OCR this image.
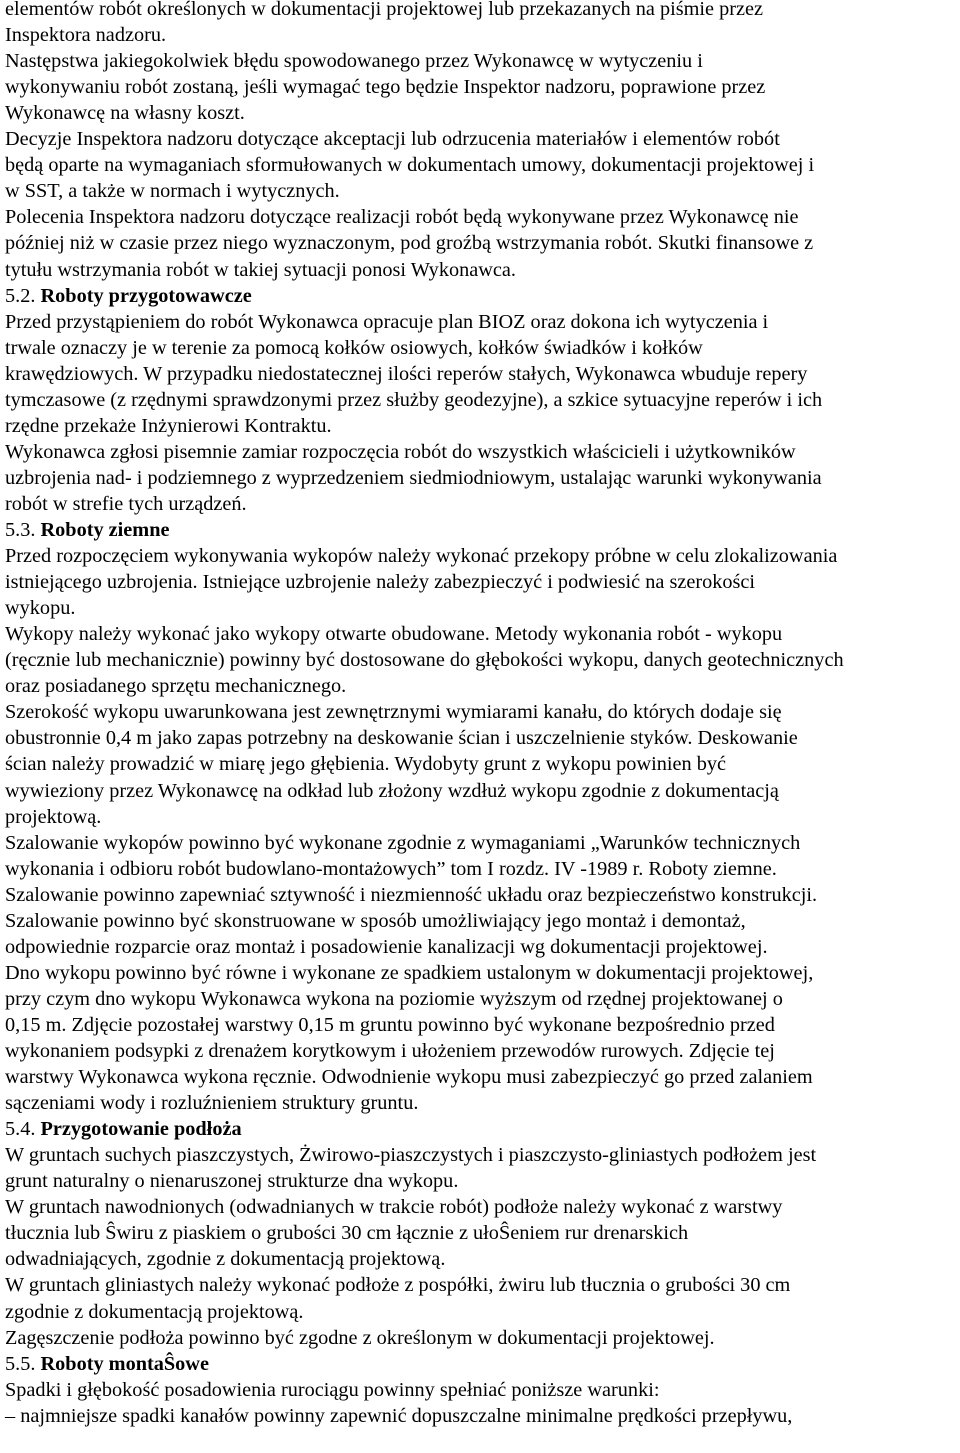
elementów robót określonych w dokumentacji projektowej lub przekazanych na piśmie przez
Inspektora nadzoru.
Następstwa jakiegokolwiek błędu spowodowanego przez Wykonawcę w wytyczeniu i
wykonywaniu robót zostaną, jeśli wymagać tego będzie Inspektor nadzoru, poprawione przez
Wykonawcę na własny koszt.
Decyzje Inspektora nadzoru dotyczące akceptacji lub odrzucenia materiałów i elementów robót
będą oparte na wymaganiach sformułowanych w dokumentach umowy, dokumentacji projektowej i
w SST, a także w normach i wytycznych.
Polecenia Inspektora nadzoru dotyczące realizacji robót będą wykonywane przez Wykonawcę nie
później niż w czasie przez niego wyznaczonym, pod groźbą wstrzymania robót. Skutki finansowe z
tytułu wstrzymania robót w takiej sytuacji ponosi Wykonawca.
5.2. Roboty przygotowawcze
Przed przystąpieniem do robót Wykonawca opracuje plan BIOZ oraz dokona ich wytyczenia i
trwale oznaczy je w terenie za pomocą kołków osiowych, kołków świadków i kołków
krawędziowych. W przypadku niedostatecznej ilości reperów stałych, Wykonawca wbuduje repery
tymczasowe (z rzędnymi sprawdzonymi przez służby geodezyjne), a szkice sytuacyjne reperów i ich
rzędne przekaże Inżynierowi Kontraktu.
Wykonawca zgłosi pisemnie zamiar rozpoczęcia robót do wszystkich właścicieli i użytkowników
uzbrojenia nad- i podziemnego z wyprzedzeniem siedmiodniowym, ustalając warunki wykonywania
robót w strefie tych urządzeń.
5.3. Roboty ziemne
Przed rozpoczęciem wykonywania wykopów należy wykonać przekopy próbne w celu zlokalizowania
istniejącego uzbrojenia. Istniejące uzbrojenie należy zabezpieczyć i podwiesić na szerokości
wykopu.
Wykopy należy wykonać jako wykopy otwarte obudowane. Metody wykonania robót - wykopu
(ręcznie lub mechanicznie) powinny być dostosowane do głębokości wykopu, danych geotechnicznych
oraz posiadanego sprzętu mechanicznego.
Szerokość wykopu uwarunkowana jest zewnętrznymi wymiarami kanału, do których dodaje się
obustronnie 0,4 m jako zapas potrzebny na deskowanie ścian i uszczelnienie styków. Deskowanie
ścian należy prowadzić w miarę jego głębienia. Wydobyty grunt z wykopu powinien być
wywieziony przez Wykonawcę na odkład lub złożony wzdłuż wykopu zgodnie z dokumentacją
projektową.
Szalowanie wykopów powinno być wykonane zgodnie z wymaganiami „Warunków technicznych
wykonania i odbioru robót budowlano-montażowych” tom I rozdz. IV -1989 r. Roboty ziemne.
Szalowanie powinno zapewniać sztywność i niezmienność układu oraz bezpieczeństwo konstrukcji.
Szalowanie powinno być skonstruowane w sposób umożliwiający jego montaż i demontaż,
odpowiednie rozparcie oraz montaż i posadowienie kanalizacji wg dokumentacji projektowej.
Dno wykopu powinno być równe i wykonane ze spadkiem ustalonym w dokumentacji projektowej,
przy czym dno wykopu Wykonawca wykona na poziomie wyższym od rzędnej projektowanej o
0,15 m. Zdjęcie pozostałej warstwy 0,15 m gruntu powinno być wykonane bezpośrednio przed
wykonaniem podsypki z drenażem korytkowym i ułożeniem przewodów rurowych. Zdjęcie tej
warstwy Wykonawca wykona ręcznie. Odwodnienie wykopu musi zabezpieczyć go przed zalaniem
sączeniami wody i rozluźnieniem struktury gruntu.
5.4. Przygotowanie podłoża
W gruntach suchych piaszczystych, Żwirowo-piaszczystych i piaszczysto-gliniastych podłożem jest
grunt naturalny o nienaruszonej strukturze dna wykopu.
W gruntach nawodnionych (odwadnianych w trakcie robót) podłoże należy wykonać z warstwy
tłucznia lub Ŝwiru z piaskiem o grubości 30 cm łącznie z ułoŜeniem rur drenarskich
odwadniających, zgodnie z dokumentacją projektową.
W gruntach gliniastych należy wykonać podłoże z pospółki, żwiru lub tłucznia o grubości 30 cm
zgodnie z dokumentacją projektową.
Zagęszczenie podłoża powinno być zgodne z określonym w dokumentacji projektowej.
5.5. Roboty montaŜowe
Spadki i głębokość posadowienia rurociągu powinny spełniać poniższe warunki:
– najmniejsze spadki kanałów powinny zapewnić dopuszczalne minimalne prędkości przepływu,
